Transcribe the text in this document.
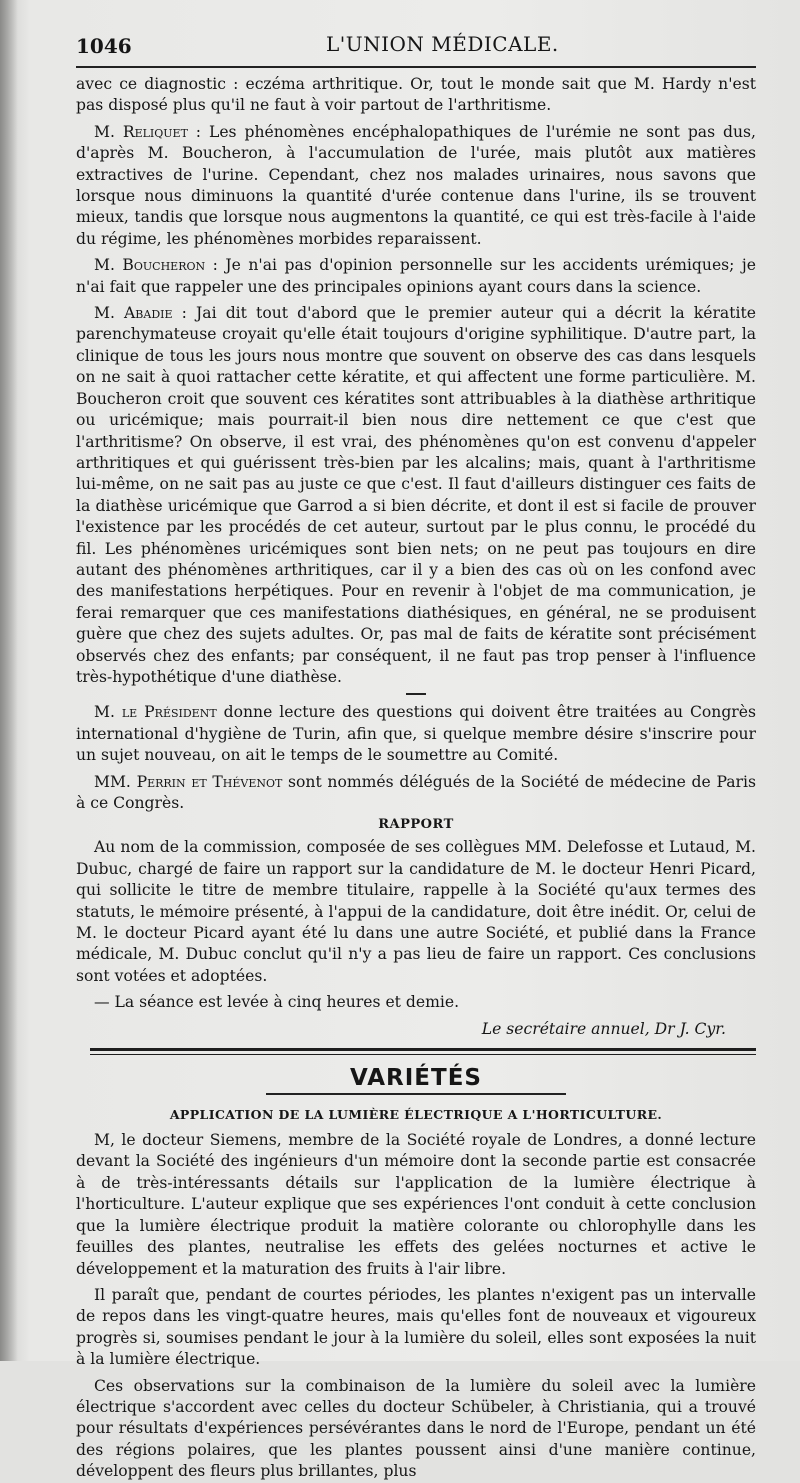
1046	L'UNION MÉDICALE.

avec ce diagnostic : eczéma arthritique. Or, tout le monde sait que M. Hardy n'est pas disposé plus qu'il ne faut à voir partout de l'arthritisme.

M. Reliquet : Les phénomènes encéphalopathiques de l'urémie ne sont pas dus, d'après M. Boucheron, à l'accumulation de l'urée, mais plutôt aux matières extractives de l'urine. Cependant, chez nos malades urinaires, nous savons que lorsque nous diminuons la quantité d'urée contenue dans l'urine, ils se trouvent mieux, tandis que lorsque nous augmentons la quantité, ce qui est très-facile à l'aide du régime, les phénomènes morbides reparaissent.

M. Boucheron : Je n'ai pas d'opinion personnelle sur les accidents urémiques; je n'ai fait que rappeler une des principales opinions ayant cours dans la science.

M. Abadie : Jai dit tout d'abord que le premier auteur qui a décrit la kératite parenchymateuse croyait qu'elle était toujours d'origine syphilitique. D'autre part, la clinique de tous les jours nous montre que souvent on observe des cas dans lesquels on ne sait à quoi rattacher cette kératite, et qui affectent une forme particulière. M. Boucheron croit que souvent ces kératites sont attribuables à la diathèse arthritique ou uricémique; mais pourrait-il bien nous dire nettement ce que c'est que l'arthritisme? On observe, il est vrai, des phénomènes qu'on est convenu d'appeler arthritiques et qui guérissent très-bien par les alcalins; mais, quant à l'arthritisme lui-même, on ne sait pas au juste ce que c'est. Il faut d'ailleurs distinguer ces faits de la diathèse uricémique que Garrod a si bien décrite, et dont il est si facile de prouver l'existence par les procédés de cet auteur, surtout par le plus connu, le procédé du fil. Les phénomènes uricémiques sont bien nets; on ne peut pas toujours en dire autant des phénomènes arthritiques, car il y a bien des cas où on les confond avec des manifestations herpétiques. Pour en revenir à l'objet de ma communication, je ferai remarquer que ces manifestations diathésiques, en général, ne se produisent guère que chez des sujets adultes. Or, pas mal de faits de kératite sont précisément observés chez des enfants; par conséquent, il ne faut pas trop penser à l'influence très-hypothétique d'une diathèse.

M. le Président donne lecture des questions qui doivent être traitées au Congrès international d'hygiène de Turin, afin que, si quelque membre désire s'inscrire pour un sujet nouveau, on ait le temps de le soumettre au Comité.

MM. Perrin et Thévenot sont nommés délégués de la Société de médecine de Paris à ce Congrès.

RAPPORT

Au nom de la commission, composée de ses collègues MM. Delefosse et Lutaud, M. Dubuc, chargé de faire un rapport sur la candidature de M. le docteur Henri Picard, qui sollicite le titre de membre titulaire, rappelle à la Société qu'aux termes des statuts, le mémoire présenté, à l'appui de la candidature, doit être inédit. Or, celui de M. le docteur Picard ayant été lu dans une autre Société, et publié dans la France médicale, M. Dubuc conclut qu'il n'y a pas lieu de faire un rapport. Ces conclusions sont votées et adoptées.

— La séance est levée à cinq heures et demie.

Le secrétaire annuel, Dr J. Cyr.

VARIÉTÉS
APPLICATION DE LA LUMIÈRE ÉLECTRIQUE A L'HORTICULTURE.

M, le docteur Siemens, membre de la Société royale de Londres, a donné lecture devant la Société des ingénieurs d'un mémoire dont la seconde partie est consacrée à de très-intéressants détails sur l'application de la lumière électrique à l'horticulture. L'auteur explique que ses expériences l'ont conduit à cette conclusion que la lumière électrique produit la matière colorante ou chlorophylle dans les feuilles des plantes, neutralise les effets des gelées nocturnes et active le développement et la maturation des fruits à l'air libre.

Il paraît que, pendant de courtes périodes, les plantes n'exigent pas un intervalle de repos dans les vingt-quatre heures, mais qu'elles font de nouveaux et vigoureux progrès si, soumises pendant le jour à la lumière du soleil, elles sont exposées la nuit à la lumière électrique.

Ces observations sur la combinaison de la lumière du soleil avec la lumière électrique s'accordent avec celles du docteur Schübeler, à Christiania, qui a trouvé pour résultats d'expériences persévérantes dans le nord de l'Europe, pendant un été des régions polaires, que les plantes poussent ainsi d'une manière continue, développent des fleurs plus brillantes, plus
